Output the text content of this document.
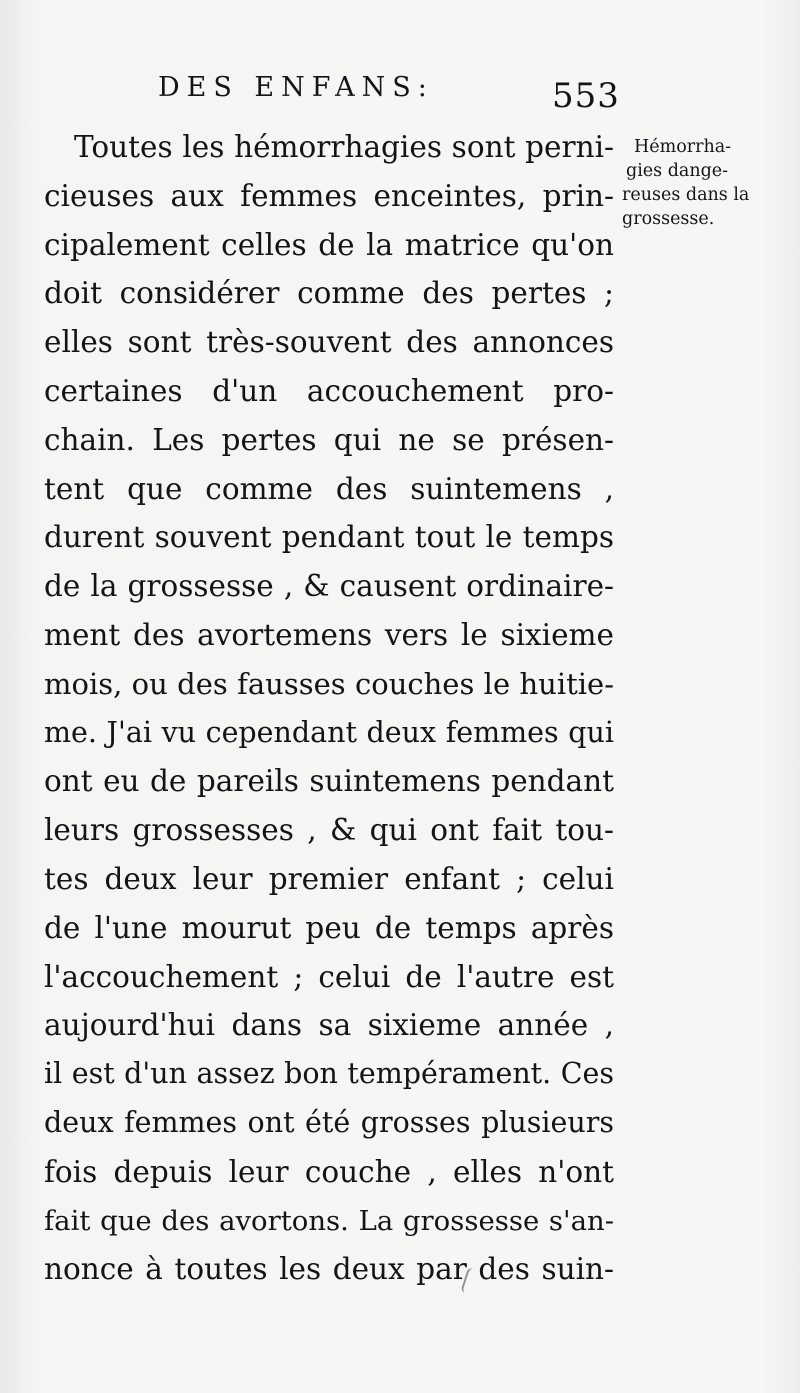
DES ENFANS:	553
Hémorrha-
gies dange-
reuses dans la
grossesse.
Toutes les hémorrhagies sont perni-
cieuses aux femmes enceintes, prin-
cipalement celles de la matrice qu'on
doit considérer comme des pertes ;
elles sont très-souvent des annonces
certaines d'un accouchement pro-
chain. Les pertes qui ne se présen-
tent que comme des suintemens ,
durent souvent pendant tout le temps
de la grossesse , & causent ordinaire-
ment des avortemens vers le sixieme
mois, ou des fausses couches le huitie-
me. J'ai vu cependant deux femmes qui
ont eu de pareils suintemens pendant
leurs grossesses , & qui ont fait tou-
tes deux leur premier enfant ; celui
de l'une mourut peu de temps après
l'accouchement ; celui de l'autre est
aujourd'hui dans sa sixieme année ,
il est d'un assez bon tempérament. Ces
deux femmes ont été grosses plusieurs
fois depuis leur couche , elles n'ont
fait que des avortons. La grossesse s'an-
nonce à toutes les deux par des suin-
